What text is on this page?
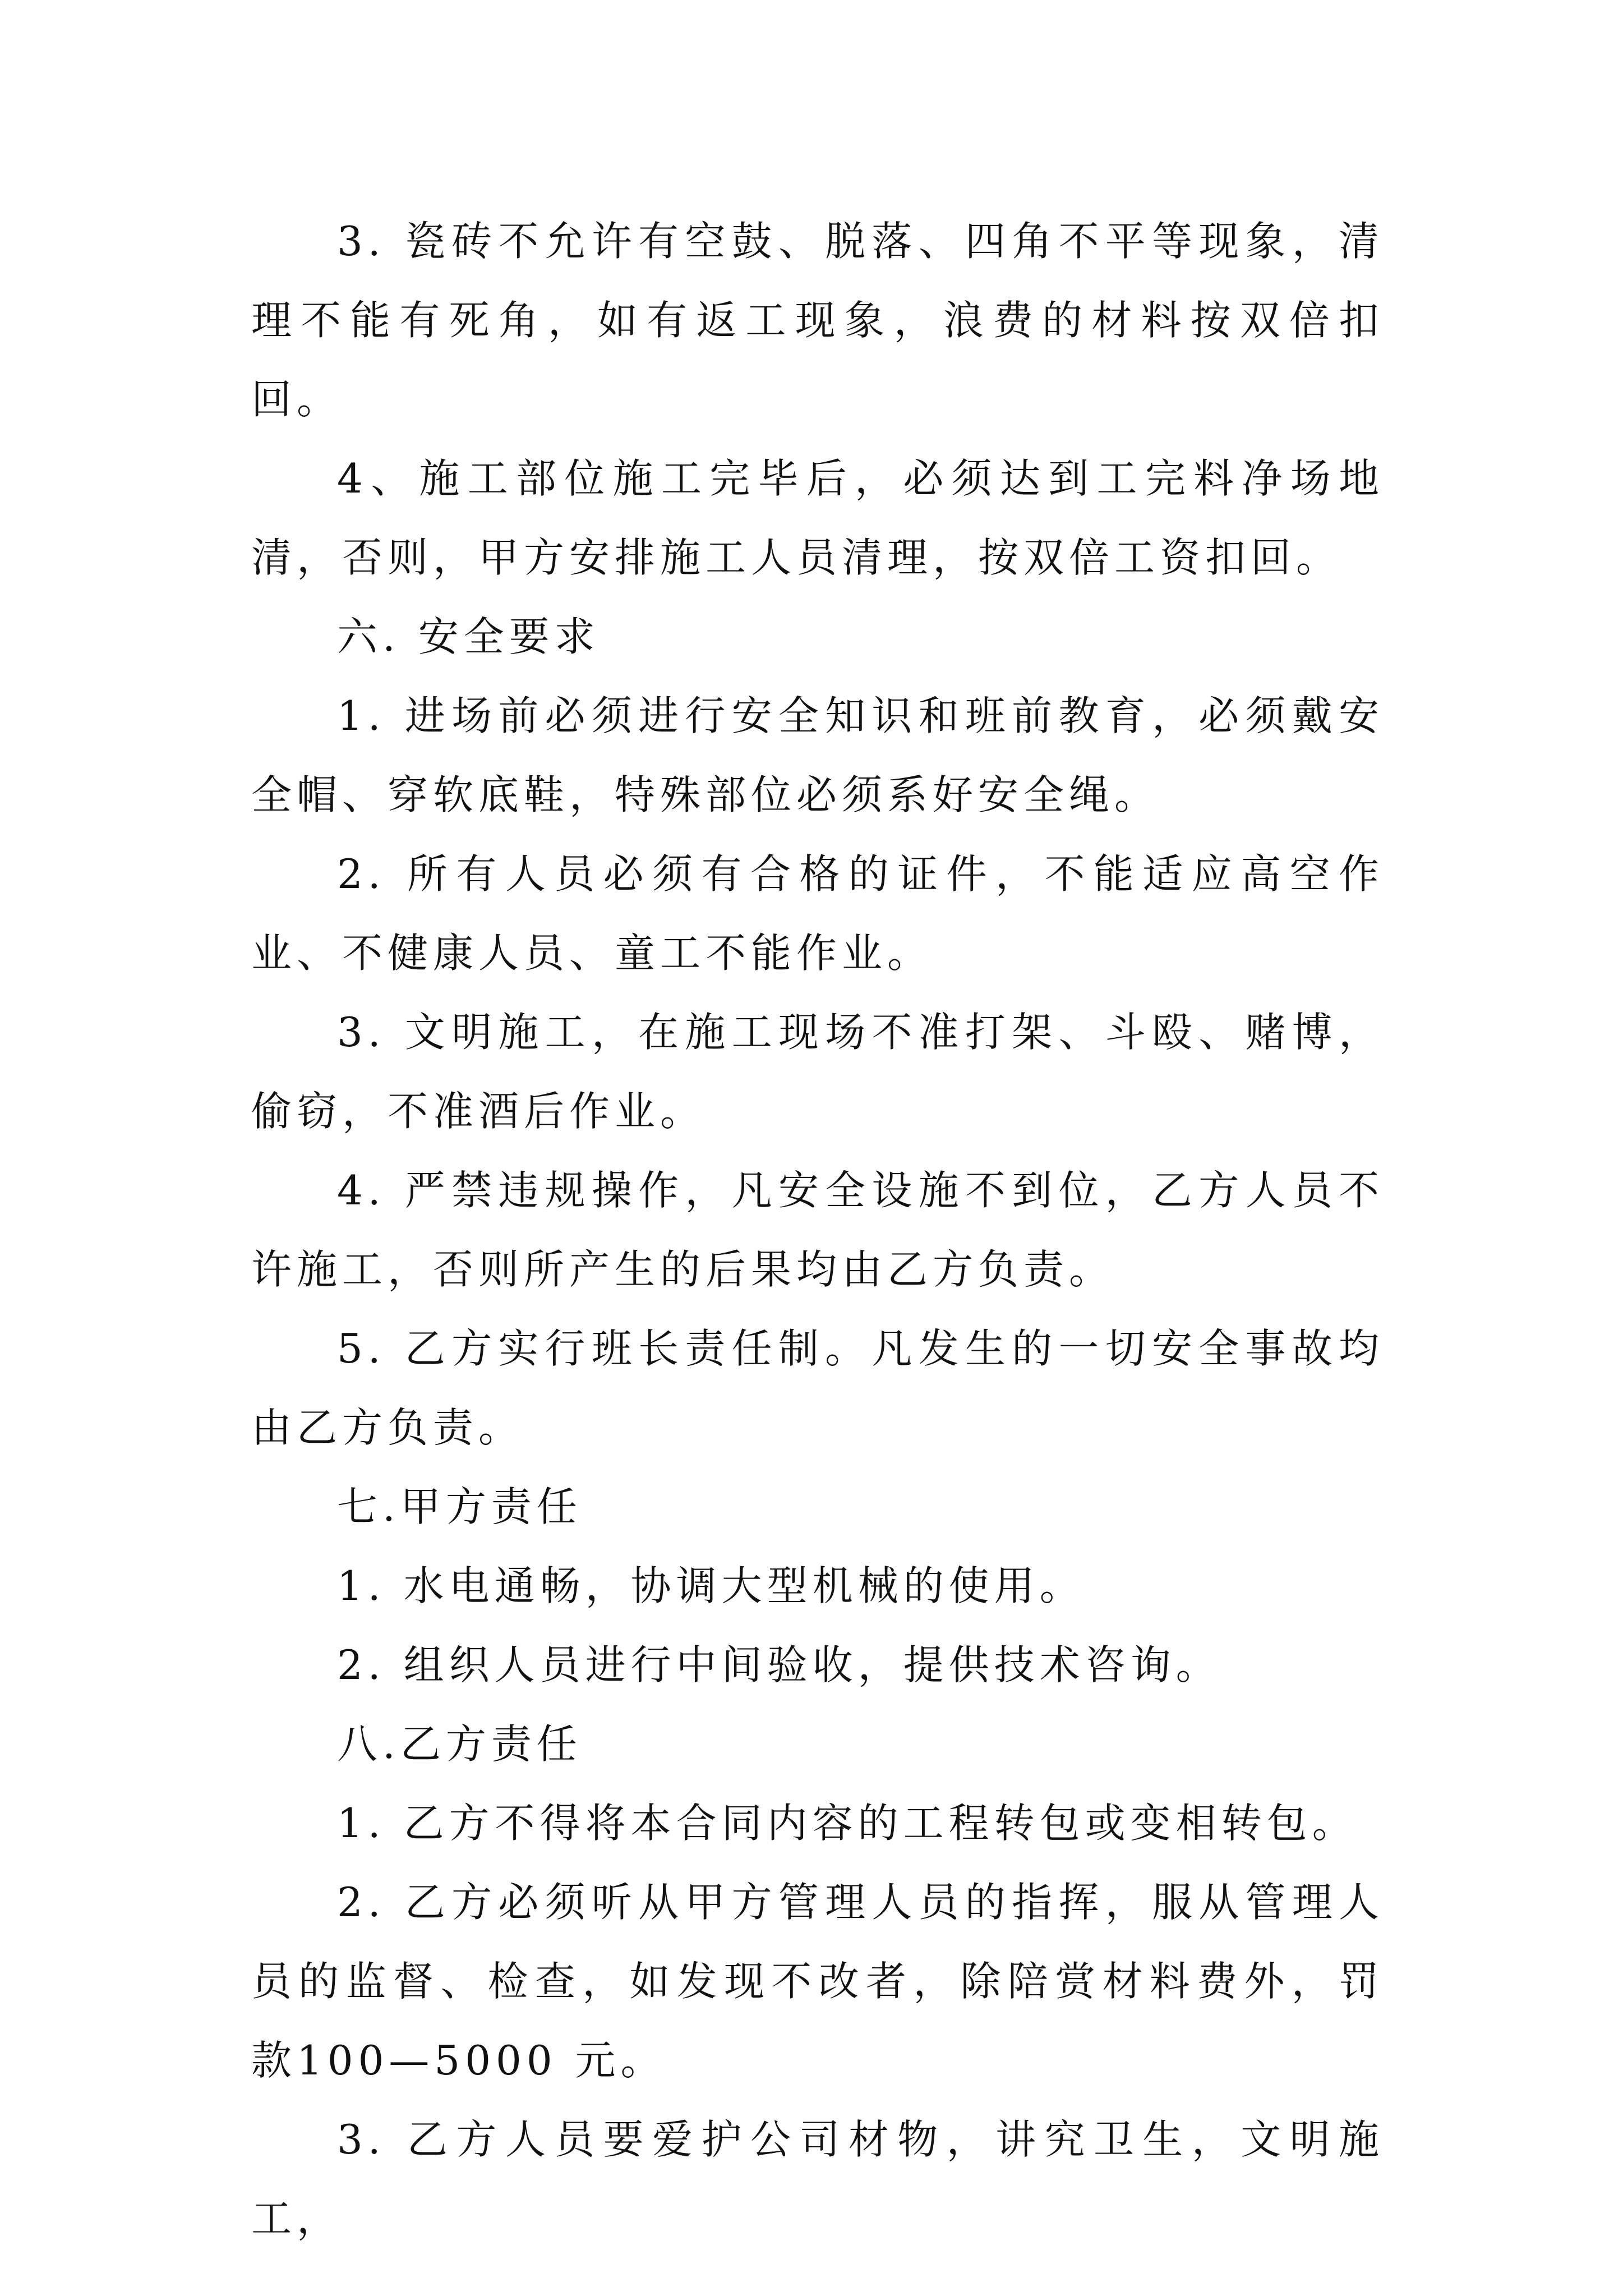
3. 瓷砖不允许有空鼓、脱落、四角不平等现象，清理不能有死角，如有返工现象，浪费的材料按双倍扣回。

4、施工部位施工完毕后，必须达到工完料净场地清，否则，甲方安排施工人员清理，按双倍工资扣回。

六. 安全要求

1. 进场前必须进行安全知识和班前教育，必须戴安全帽、穿软底鞋，特殊部位必须系好安全绳。

2. 所有人员必须有合格的证件，不能适应高空作业、不健康人员、童工不能作业。

3. 文明施工，在施工现场不准打架、斗殴、赌博，偷窃，不准酒后作业。

4. 严禁违规操作，凡安全设施不到位，乙方人员不许施工，否则所产生的后果均由乙方负责。

5. 乙方实行班长责任制。凡发生的一切安全事故均由乙方负责。

七.甲方责任

1. 水电通畅，协调大型机械的使用。

2. 组织人员进行中间验收，提供技术咨询。

八.乙方责任

1. 乙方不得将本合同内容的工程转包或变相转包。

2. 乙方必须听从甲方管理人员的指挥，服从管理人员的监督、检查，如发现不改者，除陪赏材料费外，罚款100—5000 元。

3. 乙方人员要爱护公司材物，讲究卫生，文明施工，
